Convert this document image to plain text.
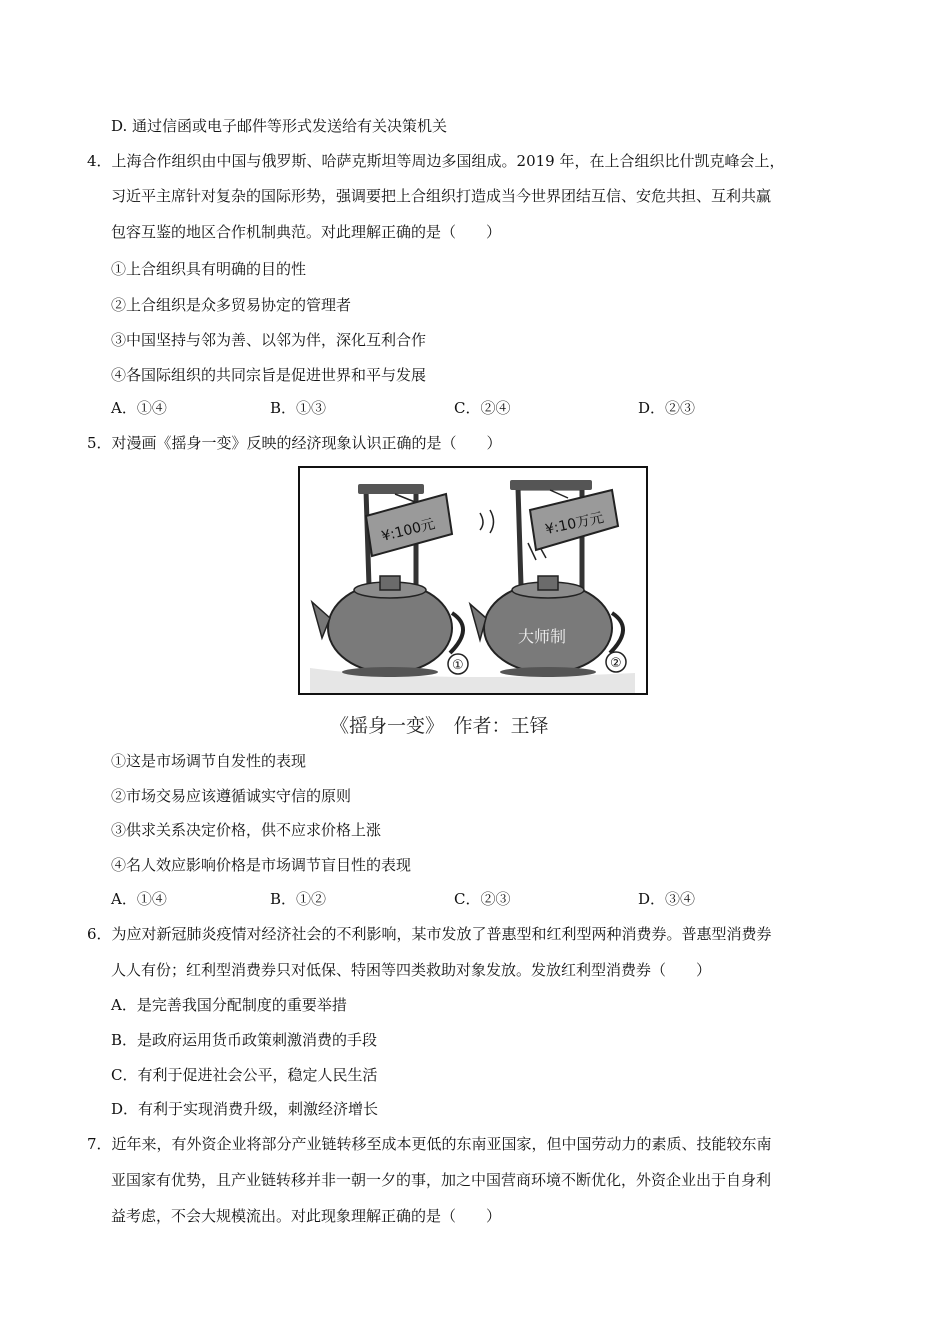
D. 通过信函或电子邮件等形式发送给有关决策机关
4．上海合作组织由中国与俄罗斯、哈萨克斯坦等周边多国组成。2019 年，在上合组织比什凯克峰会上，
习近平主席针对复杂的国际形势，强调要把上合组织打造成当今世界团结互信、安危共担、互利共赢
包容互鉴的地区合作机制典范。对此理解正确的是（　　）
①上合组织具有明确的目的性
②上合组织是众多贸易协定的管理者
③中国坚持与邻为善、以邻为伴，深化互利合作
④各国际组织的共同宗旨是促进世界和平与发展
A．①④	B．①③	C．②④	D．②③
5．对漫画《摇身一变》反映的经济现象认识正确的是（　　）
¥:100元
大师制
¥:10万元
①	②
《摇身一变》　作者：王铎
①这是市场调节自发性的表现
②市场交易应该遵循诚实守信的原则
③供求关系决定价格，供不应求价格上涨
④名人效应影响价格是市场调节盲目性的表现
A．①④	B．①②	C．②③	D．③④
6．为应对新冠肺炎疫情对经济社会的不利影响，某市发放了普惠型和红利型两种消费券。普惠型消费券
人人有份；红利型消费券只对低保、特困等四类救助对象发放。发放红利型消费券（　　）
A．是完善我国分配制度的重要举措
B．是政府运用货币政策刺激消费的手段
C．有利于促进社会公平，稳定人民生活
D．有利于实现消费升级，刺激经济增长
7．近年来，有外资企业将部分产业链转移至成本更低的东南亚国家，但中国劳动力的素质、技能较东南
亚国家有优势，且产业链转移并非一朝一夕的事，加之中国营商环境不断优化，外资企业出于自身利
益考虑，不会大规模流出。对此现象理解正确的是（　　）
